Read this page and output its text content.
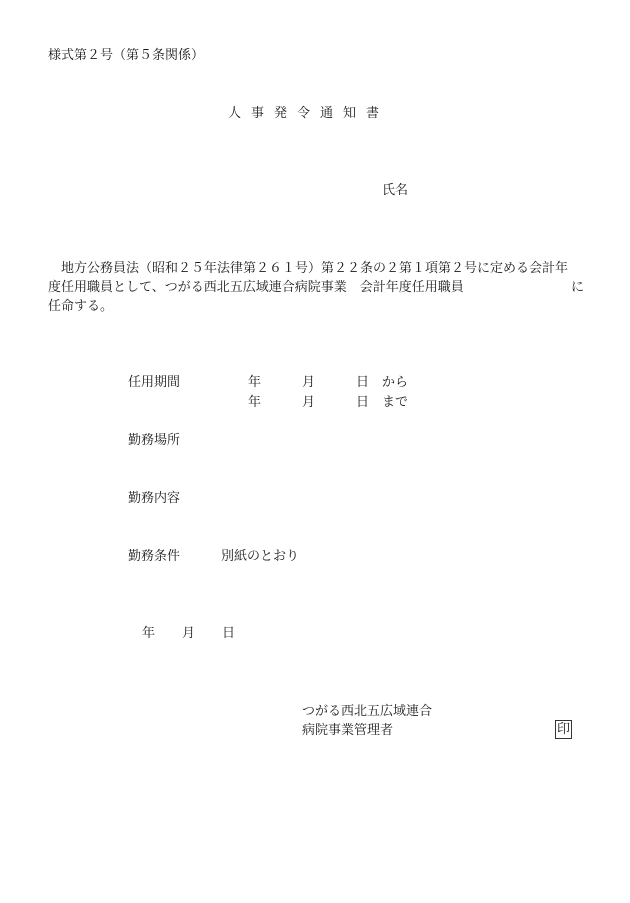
様式第２号（第５条関係）
人事発令通知書
氏名
地方公務員法（昭和２５年法律第２６１号）第２２条の２第１項第２号に定める会計年
度任用職員として、つがる西北五広域連合病院事業　会計年度任用職員	に
任命する。
任用期間	年	月	日 から
年	月	日 まで
勤務場所
勤務内容
勤務条件	別紙のとおり
年 月 日
つがる西北五広域連合
病院事業管理者	印
